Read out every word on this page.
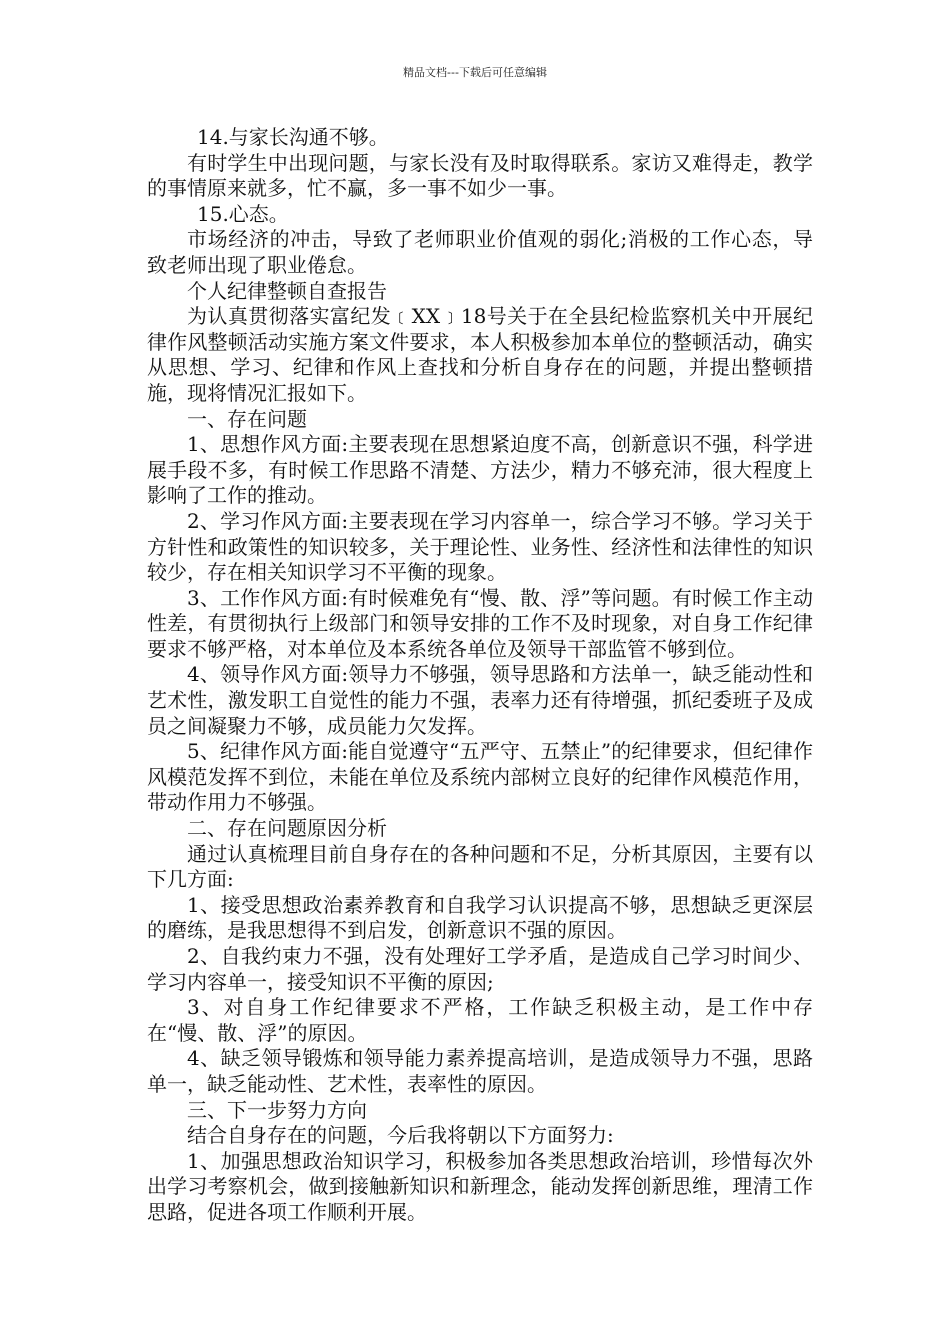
精品文档---下载后可任意编辑

14.与家长沟通不够。

有时学生中出现问题，与家长没有及时取得联系。家访又难得走，教学的事情原来就多，忙不赢，多一事不如少一事。

15.心态。

市场经济的冲击，导致了老师职业价值观的弱化;消极的工作心态，导致老师出现了职业倦怠。

个人纪律整顿自查报告

为认真贯彻落实富纪发﹝XX﹞18号关于在全县纪检监察机关中开展纪律作风整顿活动实施方案文件要求，本人积极参加本单位的整顿活动，确实从思想、学习、纪律和作风上查找和分析自身存在的问题，并提出整顿措施，现将情况汇报如下。

一、存在问题

1、思想作风方面:主要表现在思想紧迫度不高，创新意识不强，科学进展手段不多，有时候工作思路不清楚、方法少，精力不够充沛，很大程度上影响了工作的推动。

2、学习作风方面:主要表现在学习内容单一，综合学习不够。学习关于方针性和政策性的知识较多，关于理论性、业务性、经济性和法律性的知识较少，存在相关知识学习不平衡的现象。

3、工作作风方面:有时候难免有“慢、散、浮”等问题。有时候工作主动性差，有贯彻执行上级部门和领导安排的工作不及时现象，对自身工作纪律要求不够严格，对本单位及本系统各单位及领导干部监管不够到位。

4、领导作风方面:领导力不够强，领导思路和方法单一，缺乏能动性和艺术性，激发职工自觉性的能力不强，表率力还有待增强，抓纪委班子及成员之间凝聚力不够，成员能力欠发挥。

5、纪律作风方面:能自觉遵守“五严守、五禁止”的纪律要求，但纪律作风模范发挥不到位，未能在单位及系统内部树立良好的纪律作风模范作用，带动作用力不够强。

二、存在问题原因分析

通过认真梳理目前自身存在的各种问题和不足，分析其原因，主要有以下几方面:

1、接受思想政治素养教育和自我学习认识提高不够，思想缺乏更深层的磨练，是我思想得不到启发，创新意识不强的原因。

2、自我约束力不强，没有处理好工学矛盾，是造成自己学习时间少、学习内容单一，接受知识不平衡的原因;

3、对自身工作纪律要求不严格，工作缺乏积极主动，是工作中存在“慢、散、浮”的原因。

4、缺乏领导锻炼和领导能力素养提高培训，是造成领导力不强，思路单一，缺乏能动性、艺术性，表率性的原因。

三、下一步努力方向

结合自身存在的问题，今后我将朝以下方面努力:

1、加强思想政治知识学习，积极参加各类思想政治培训，珍惜每次外出学习考察机会，做到接触新知识和新理念，能动发挥创新思维，理清工作思路，促进各项工作顺利开展。
